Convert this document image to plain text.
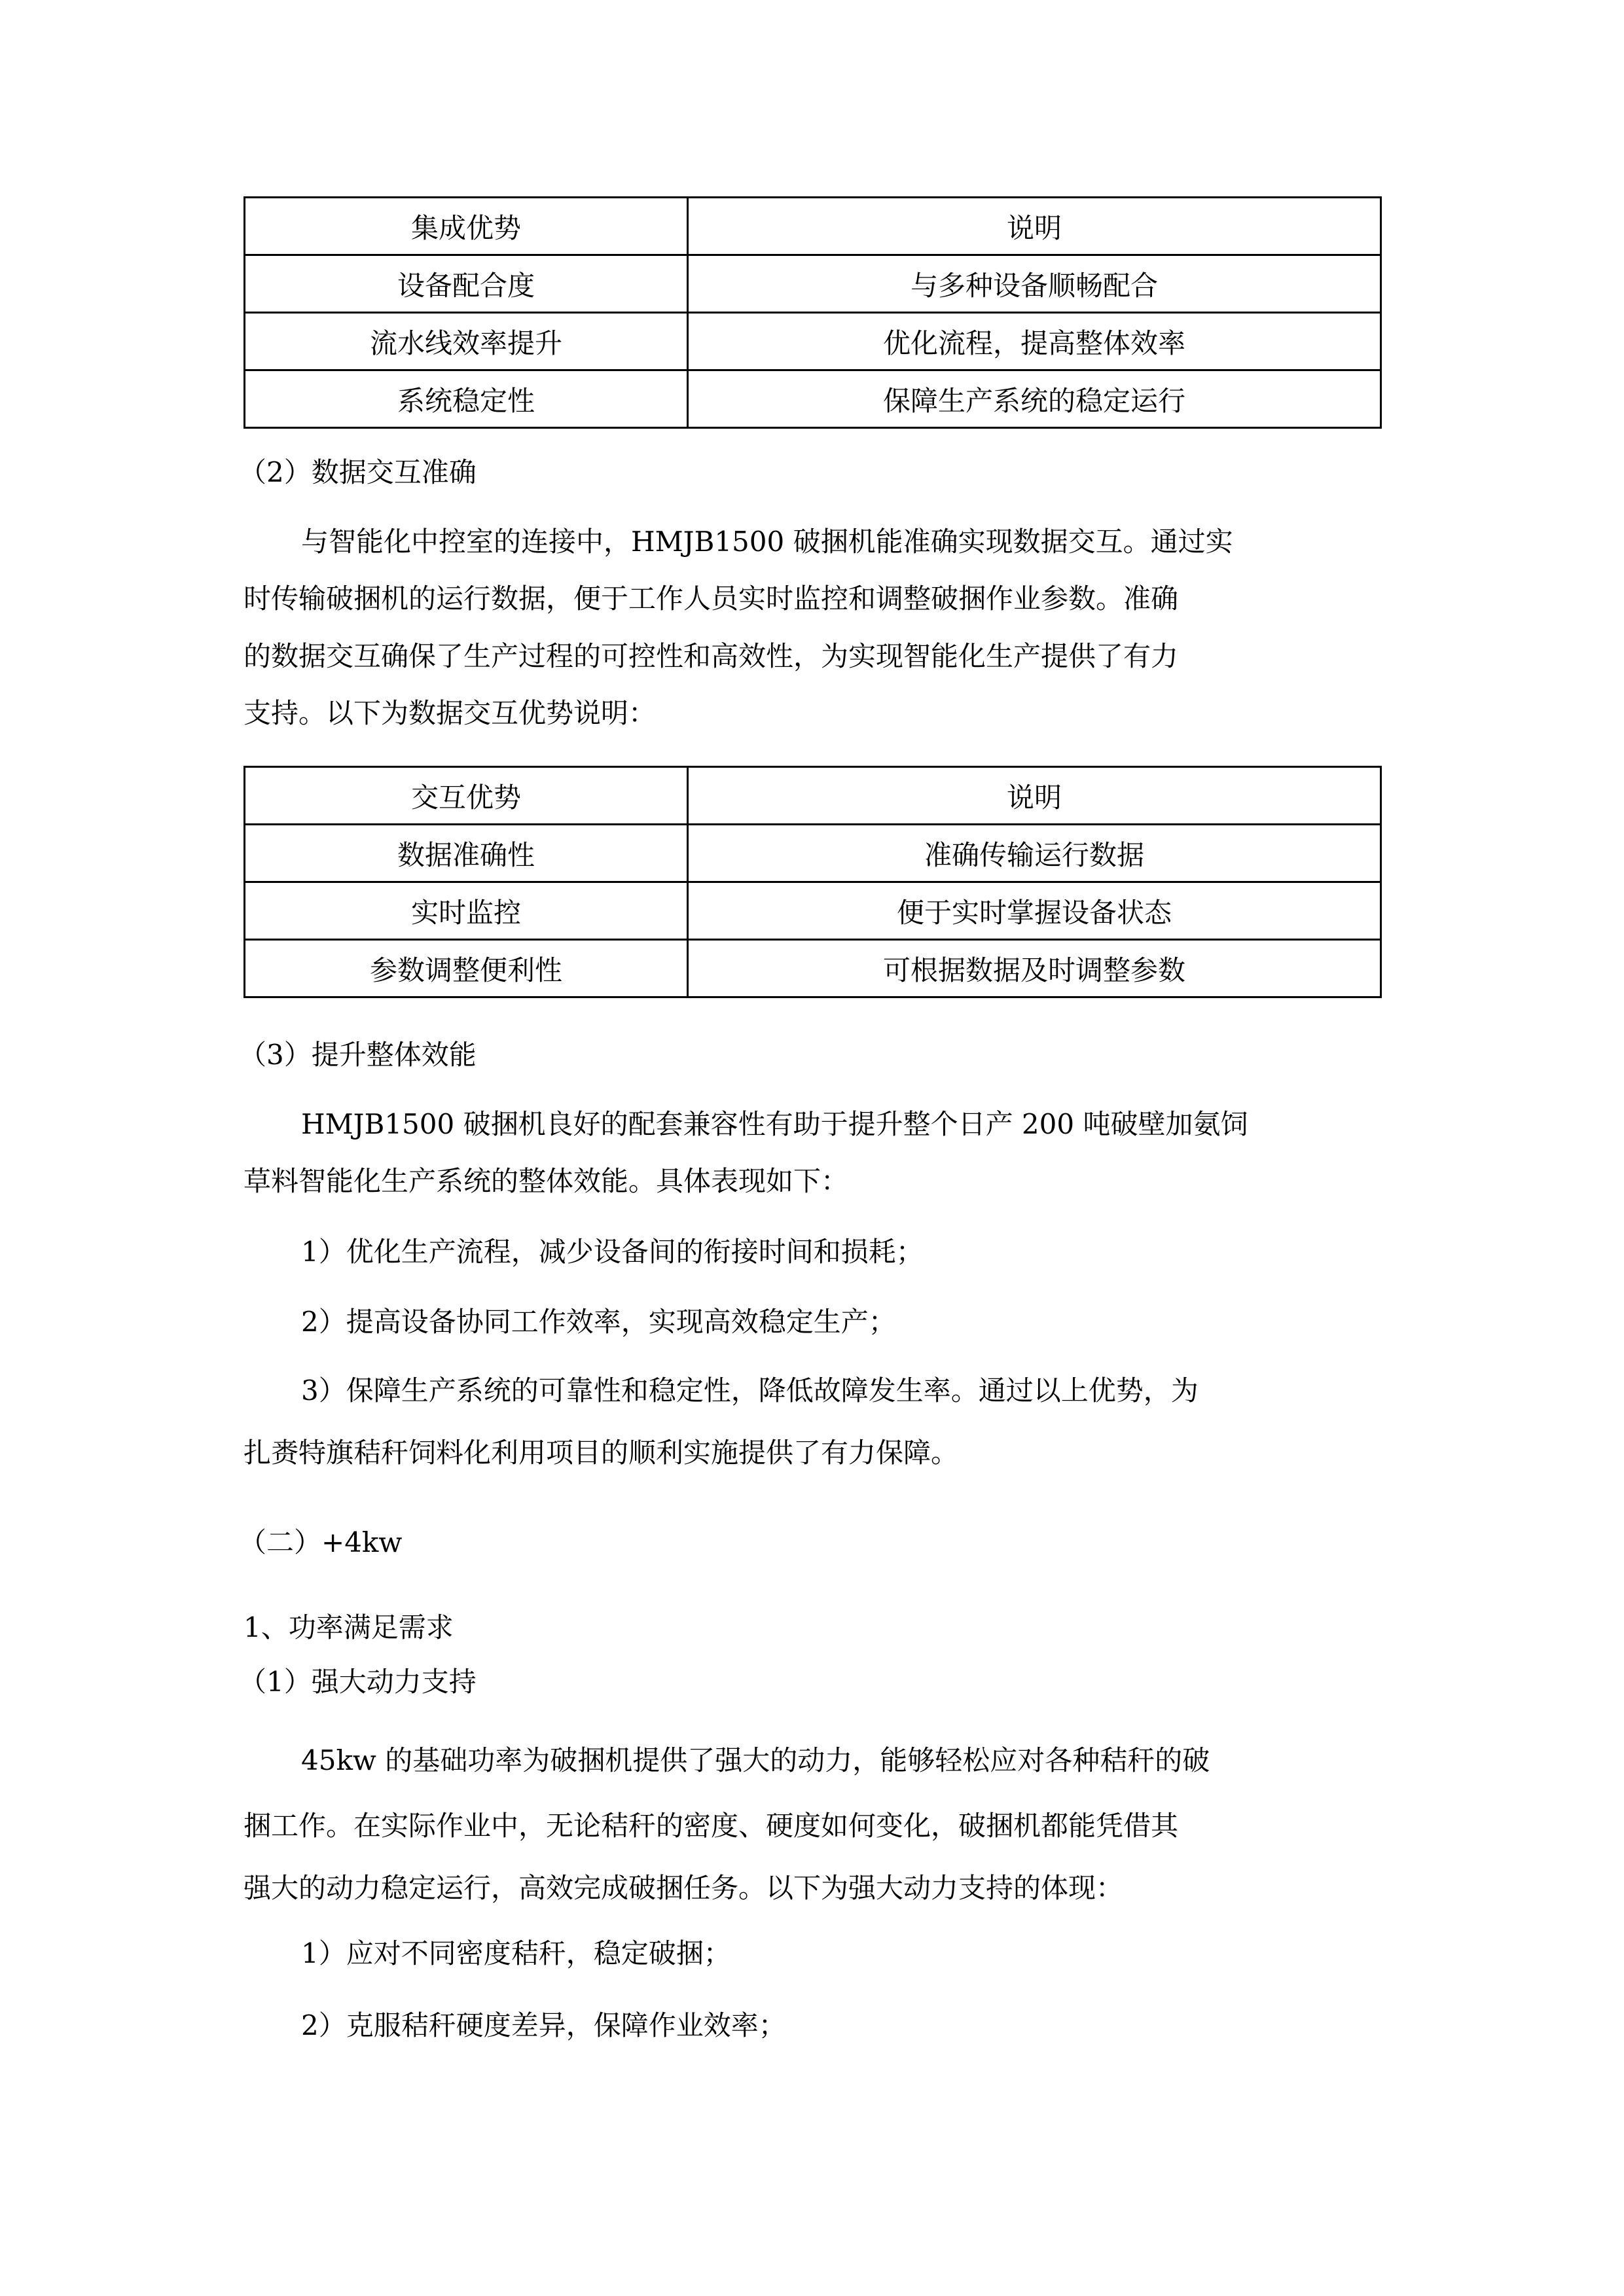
集成优势	说明
设备配合度	与多种设备顺畅配合
流水线效率提升	优化流程，提高整体效率
系统稳定性	保障生产系统的稳定运行
（2）数据交互准确
与智能化中控室的连接中，HMJB1500 破捆机能准确实现数据交互。通过实
时传输破捆机的运行数据，便于工作人员实时监控和调整破捆作业参数。准确
的数据交互确保了生产过程的可控性和高效性，为实现智能化生产提供了有力
支持。以下为数据交互优势说明：
交互优势	说明
数据准确性	准确传输运行数据
实时监控	便于实时掌握设备状态
参数调整便利性	可根据数据及时调整参数
（3）提升整体效能
HMJB1500 破捆机良好的配套兼容性有助于提升整个日产 200 吨破壁加氨饲
草料智能化生产系统的整体效能。具体表现如下：
1）优化生产流程，减少设备间的衔接时间和损耗；
2）提高设备协同工作效率，实现高效稳定生产；
3）保障生产系统的可靠性和稳定性，降低故障发生率。通过以上优势，为
扎赉特旗秸秆饲料化利用项目的顺利实施提供了有力保障。
（二）+4kw
1、功率满足需求
（1）强大动力支持
45kw 的基础功率为破捆机提供了强大的动力，能够轻松应对各种秸秆的破
捆工作。在实际作业中，无论秸秆的密度、硬度如何变化，破捆机都能凭借其
强大的动力稳定运行，高效完成破捆任务。以下为强大动力支持的体现：
1）应对不同密度秸秆，稳定破捆；
2）克服秸秆硬度差异，保障作业效率；
